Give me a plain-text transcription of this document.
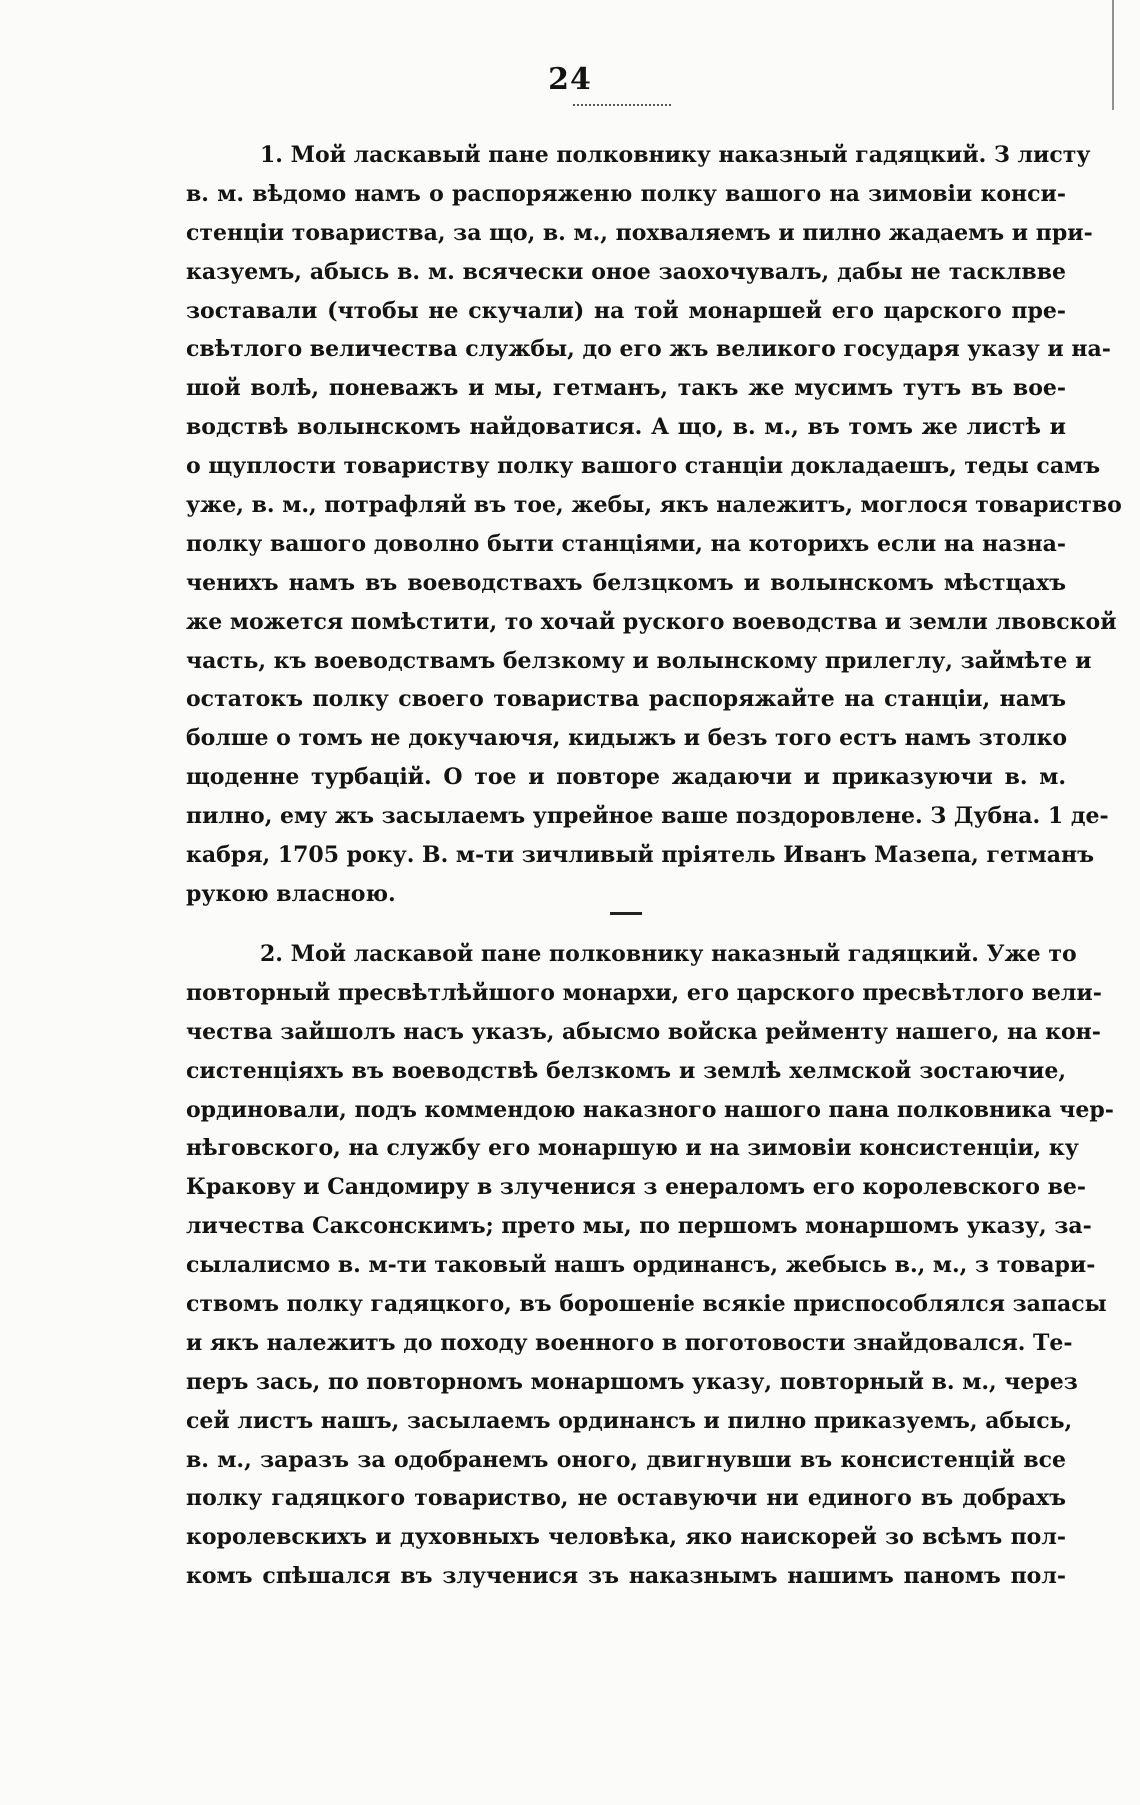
24
1. Мой ласкавый пане полковнику наказный гадяцкий. З листу
в. м. вѣдомо намъ о распоряженю полку вашого на зимовіи конси-
стенціи товариства, за що, в. м., похваляемъ и пилно жадаемъ и при-
казуемъ, абысь в. м. всячески оное заохочувалъ, дабы не тасклвве
зоставали (чтобы не скучали) на той монаршей его царского пре-
свѣтлого величества службы, до его жъ великого государя указу и на-
шой волѣ, поневажъ и мы, гетманъ, такъ же мусимъ тутъ въ вое-
водствѣ волынскомъ найдоватися. А що, в. м., въ томъ же листѣ и
о щуплости товариству полку вашого станціи докладаешъ, теды самъ
уже, в. м., потрафляй въ тое, жебы, якъ належитъ, моглося товариство
полку вашого доволно быти станціями, на которихъ если на назна-
ченихъ намъ въ воеводствахъ белзцкомъ и волынскомъ мѣстцахъ
же можется помѣстити, то хочай руского воеводства и земли лвовской
часть, къ воеводствамъ белзкому и волынскому прилеглу, займѣте и
остатокъ полку своего товариства распоряжайте на станціи, намъ
болше о томъ не докучаючя, кидыжъ и безъ того естъ намъ зтолко
щоденне турбацій. О тое и повторе жадаючи и приказуючи в. м.
пилно, ему жъ засылаемъ упрейное ваше поздоровлене. З Дубна. 1 де-
кабря, 1705 року. В. м-ти зичливый пріятель Иванъ Мазепа, гетманъ
рукою власною.
2. Мой ласкавой пане полковнику наказный гадяцкий. Уже то
повторный пресвѣтлѣйшого монархи, его царского пресвѣтлого вели-
чества зайшолъ насъ указъ, абысмо войска рейменту нашего, на кон-
систенціяхъ въ воеводствѣ белзкомъ и землѣ хелмской зостаючие,
ординовали, подъ коммендою наказного нашого пана полковника чер-
нѣговского, на службу его монаршую и на зимовіи консистенціи, ку
Кракову и Сандомиру в злученися з енераломъ его королевского ве-
личества Саксонскимъ; прето мы, по першомъ монаршомъ указу, за-
сылалисмо в. м-ти таковый нашъ ординансъ, жебысь в., м., з товари-
ствомъ полку гадяцкого, въ борошеніе всякіе приспособлялся запасы
и якъ належитъ до походу военного в поготовости знайдовался. Те-
перъ зась, по повторномъ монаршомъ указу, повторный в. м., через
сей листъ нашъ, засылаемъ ординансъ и пилно приказуемъ, абысь,
в. м., заразъ за одобранемъ оного, двигнувши въ консистенцій все
полку гадяцкого товариство, не оставуючи ни единого въ добрахъ
королевскихъ и духовныхъ человѣка, яко наискорей зо всѣмъ пол-
комъ спѣшался въ злученися зъ наказнымъ нашимъ паномъ пол-
